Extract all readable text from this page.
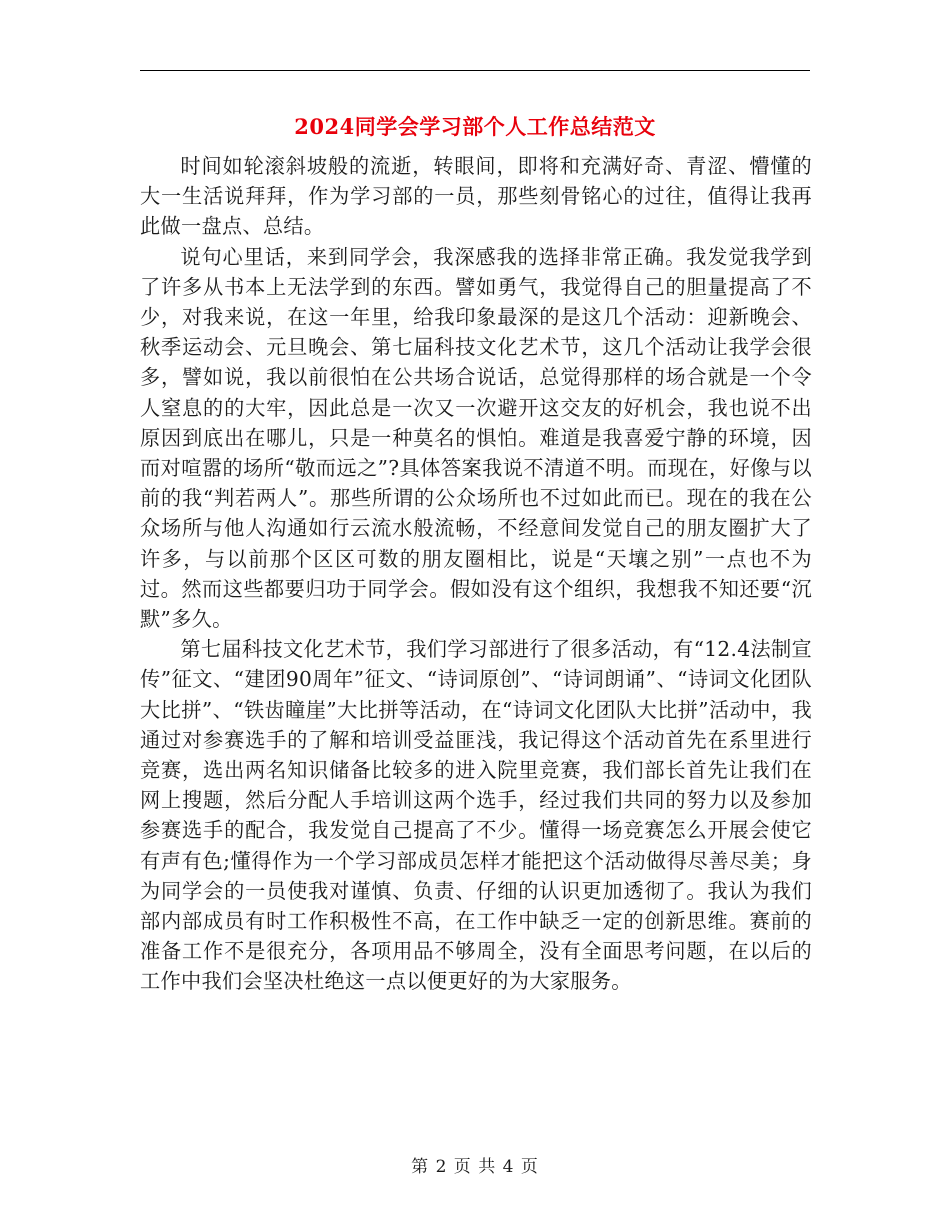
2024同学会学习部个人工作总结范文

时间如轮滚斜坡般的流逝，转眼间，即将和充满好奇、青涩、懵懂的大一生活说拜拜，作为学习部的一员，那些刻骨铭心的过往，值得让我再此做一盘点、总结。

说句心里话，来到同学会，我深感我的选择非常正确。我发觉我学到了许多从书本上无法学到的东西。譬如勇气，我觉得自己的胆量提高了不少，对我来说，在这一年里，给我印象最深的是这几个活动：迎新晚会、秋季运动会、元旦晚会、第七届科技文化艺术节，这几个活动让我学会很多，譬如说，我以前很怕在公共场合说话，总觉得那样的场合就是一个令人窒息的的大牢，因此总是一次又一次避开这交友的好机会，我也说不出原因到底出在哪儿，只是一种莫名的惧怕。难道是我喜爱宁静的环境，因而对喧嚣的场所“敬而远之”?具体答案我说不清道不明。而现在，好像与以前的我“判若两人”。那些所谓的公众场所也不过如此而已。现在的我在公众场所与他人沟通如行云流水般流畅，不经意间发觉自己的朋友圈扩大了许多，与以前那个区区可数的朋友圈相比，说是“天壤之别”一点也不为过。然而这些都要归功于同学会。假如没有这个组织，我想我不知还要“沉默”多久。

第七届科技文化艺术节，我们学习部进行了很多活动，有“12.4法制宣传”征文、“建团90周年”征文、“诗词原创”、“诗词朗诵”、“诗词文化团队大比拼”、“铁齿瞳崖”大比拼等活动，在“诗词文化团队大比拼”活动中，我通过对参赛选手的了解和培训受益匪浅，我记得这个活动首先在系里进行竞赛，选出两名知识储备比较多的进入院里竞赛，我们部长首先让我们在网上搜题，然后分配人手培训这两个选手，经过我们共同的努力以及参加参赛选手的配合，我发觉自己提高了不少。懂得一场竞赛怎么开展会使它有声有色;懂得作为一个学习部成员怎样才能把这个活动做得尽善尽美；身为同学会的一员使我对谨慎、负责、仔细的认识更加透彻了。我认为我们部内部成员有时工作积极性不高，在工作中缺乏一定的创新思维。赛前的准备工作不是很充分，各项用品不够周全，没有全面思考问题，在以后的工作中我们会坚决杜绝这一点以便更好的为大家服务。

第 2 页 共 4 页
